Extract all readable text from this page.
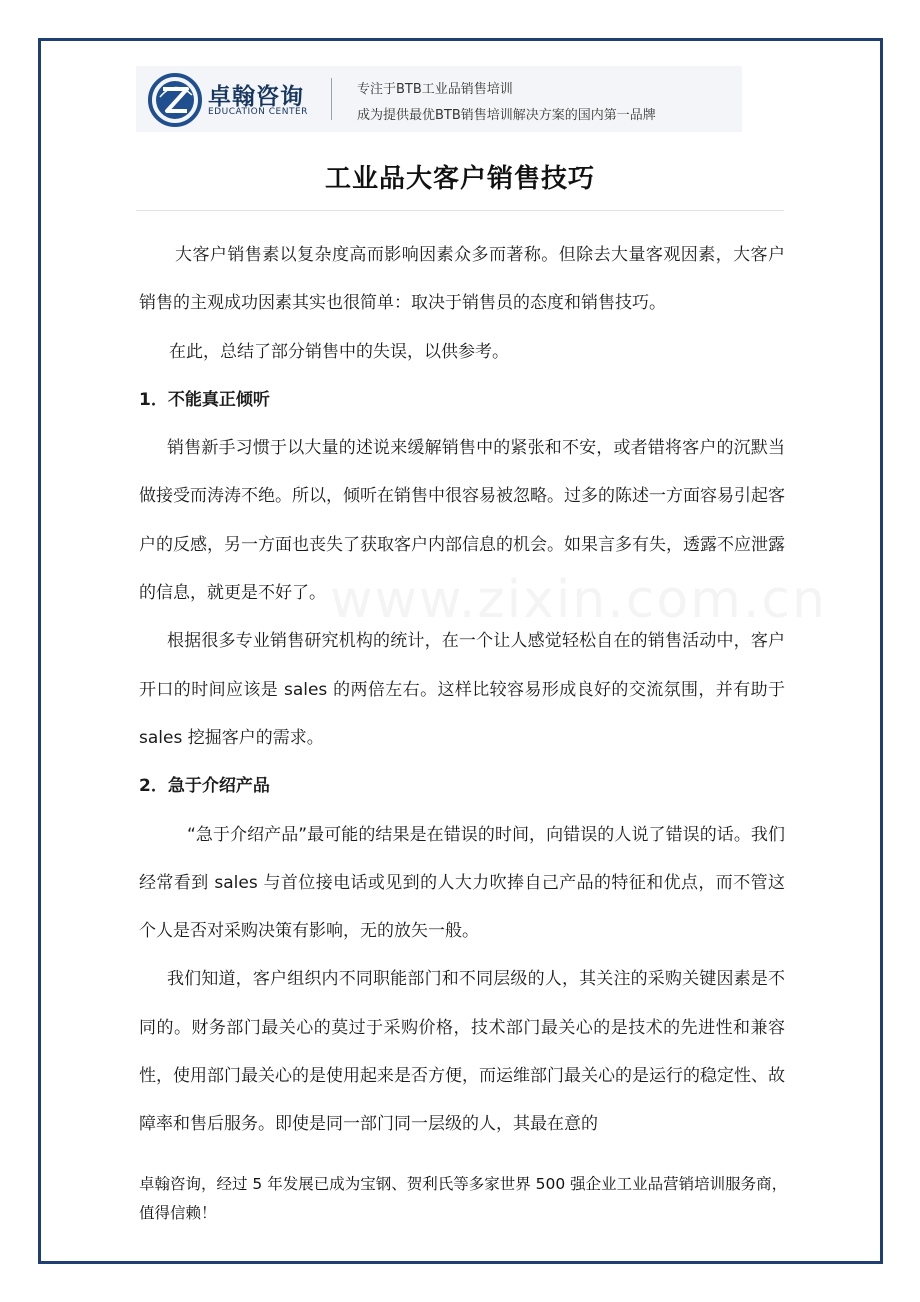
卓翰咨询
EDUCATION CENTER
专注于BTB工业品销售培训
成为提供最优BTB销售培训解决方案的国内第一品牌
工业品大客户销售技巧
www.zixin.com.cn

大客户销售素以复杂度高而影响因素众多而著称。但除去大量客观因素，大客户销售的主观成功因素其实也很简单：取决于销售员的态度和销售技巧。

在此，总结了部分销售中的失误，以供参考。

1．不能真正倾听

销售新手习惯于以大量的述说来缓解销售中的紧张和不安，或者错将客户的沉默当做接受而涛涛不绝。所以，倾听在销售中很容易被忽略。过多的陈述一方面容易引起客户的反感，另一方面也丧失了获取客户内部信息的机会。如果言多有失，透露不应泄露的信息，就更是不好了。

根据很多专业销售研究机构的统计，在一个让人感觉轻松自在的销售活动中，客户开口的时间应该是 sales 的两倍左右。这样比较容易形成良好的交流氛围，并有助于 sales 挖掘客户的需求。

2．急于介绍产品

“急于介绍产品”最可能的结果是在错误的时间，向错误的人说了错误的话。我们经常看到 sales 与首位接电话或见到的人大力吹捧自己产品的特征和优点，而不管这个人是否对采购决策有影响，无的放矢一般。

我们知道，客户组织内不同职能部门和不同层级的人，其关注的采购关键因素是不同的。财务部门最关心的莫过于采购价格，技术部门最关心的是技术的先进性和兼容性，使用部门最关心的是使用起来是否方便，而运维部门最关心的是运行的稳定性、故障率和售后服务。即使是同一部门同一层级的人，其最在意的

卓翰咨询，经过 5 年发展已成为宝钢、贺利氏等多家世界 500 强企业工业品营销培训服务商，值得信赖！
